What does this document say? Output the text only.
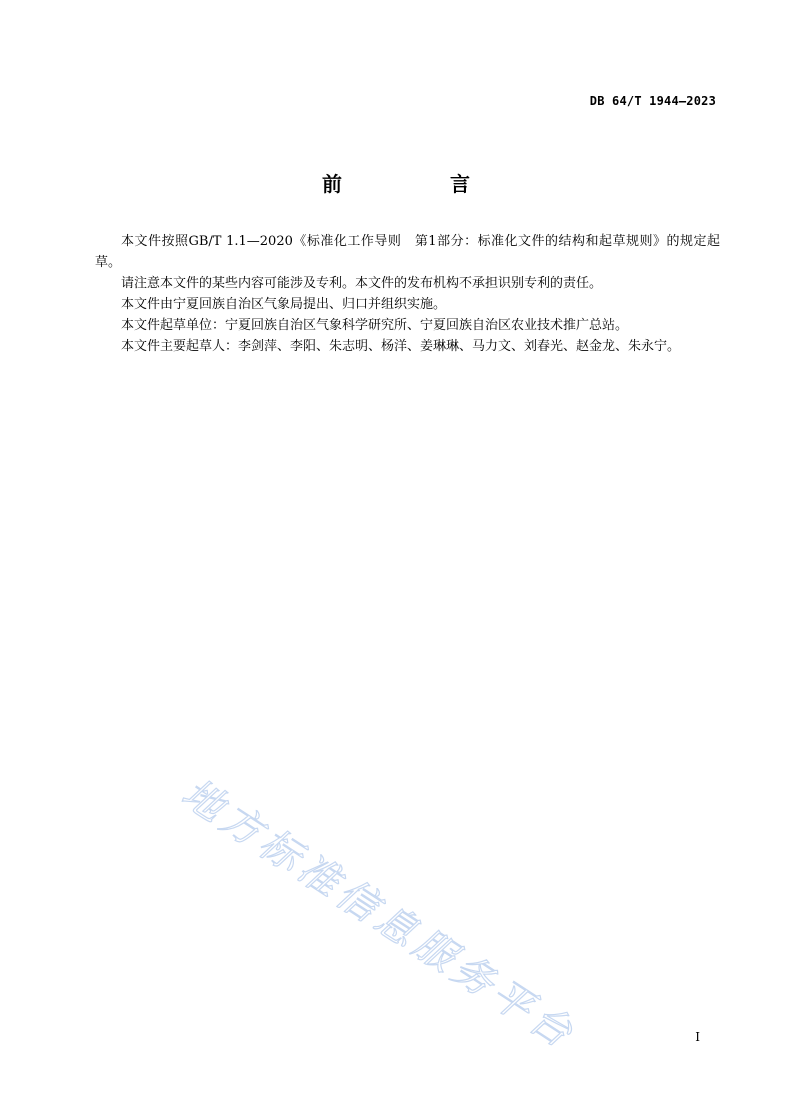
DB 64/T 1944—2023
前　言

本文件按照GB/T 1.1—2020《标准化工作导则　第1部分：标准化文件的结构和起草规则》的规定起草。

请注意本文件的某些内容可能涉及专利。本文件的发布机构不承担识别专利的责任。

本文件由宁夏回族自治区气象局提出、归口并组织实施。

本文件起草单位：宁夏回族自治区气象科学研究所、宁夏回族自治区农业技术推广总站。

本文件主要起草人：李剑萍、李阳、朱志明、杨洋、姜琳琳、马力文、刘春光、赵金龙、朱永宁。

地方标准信息服务平台	I
